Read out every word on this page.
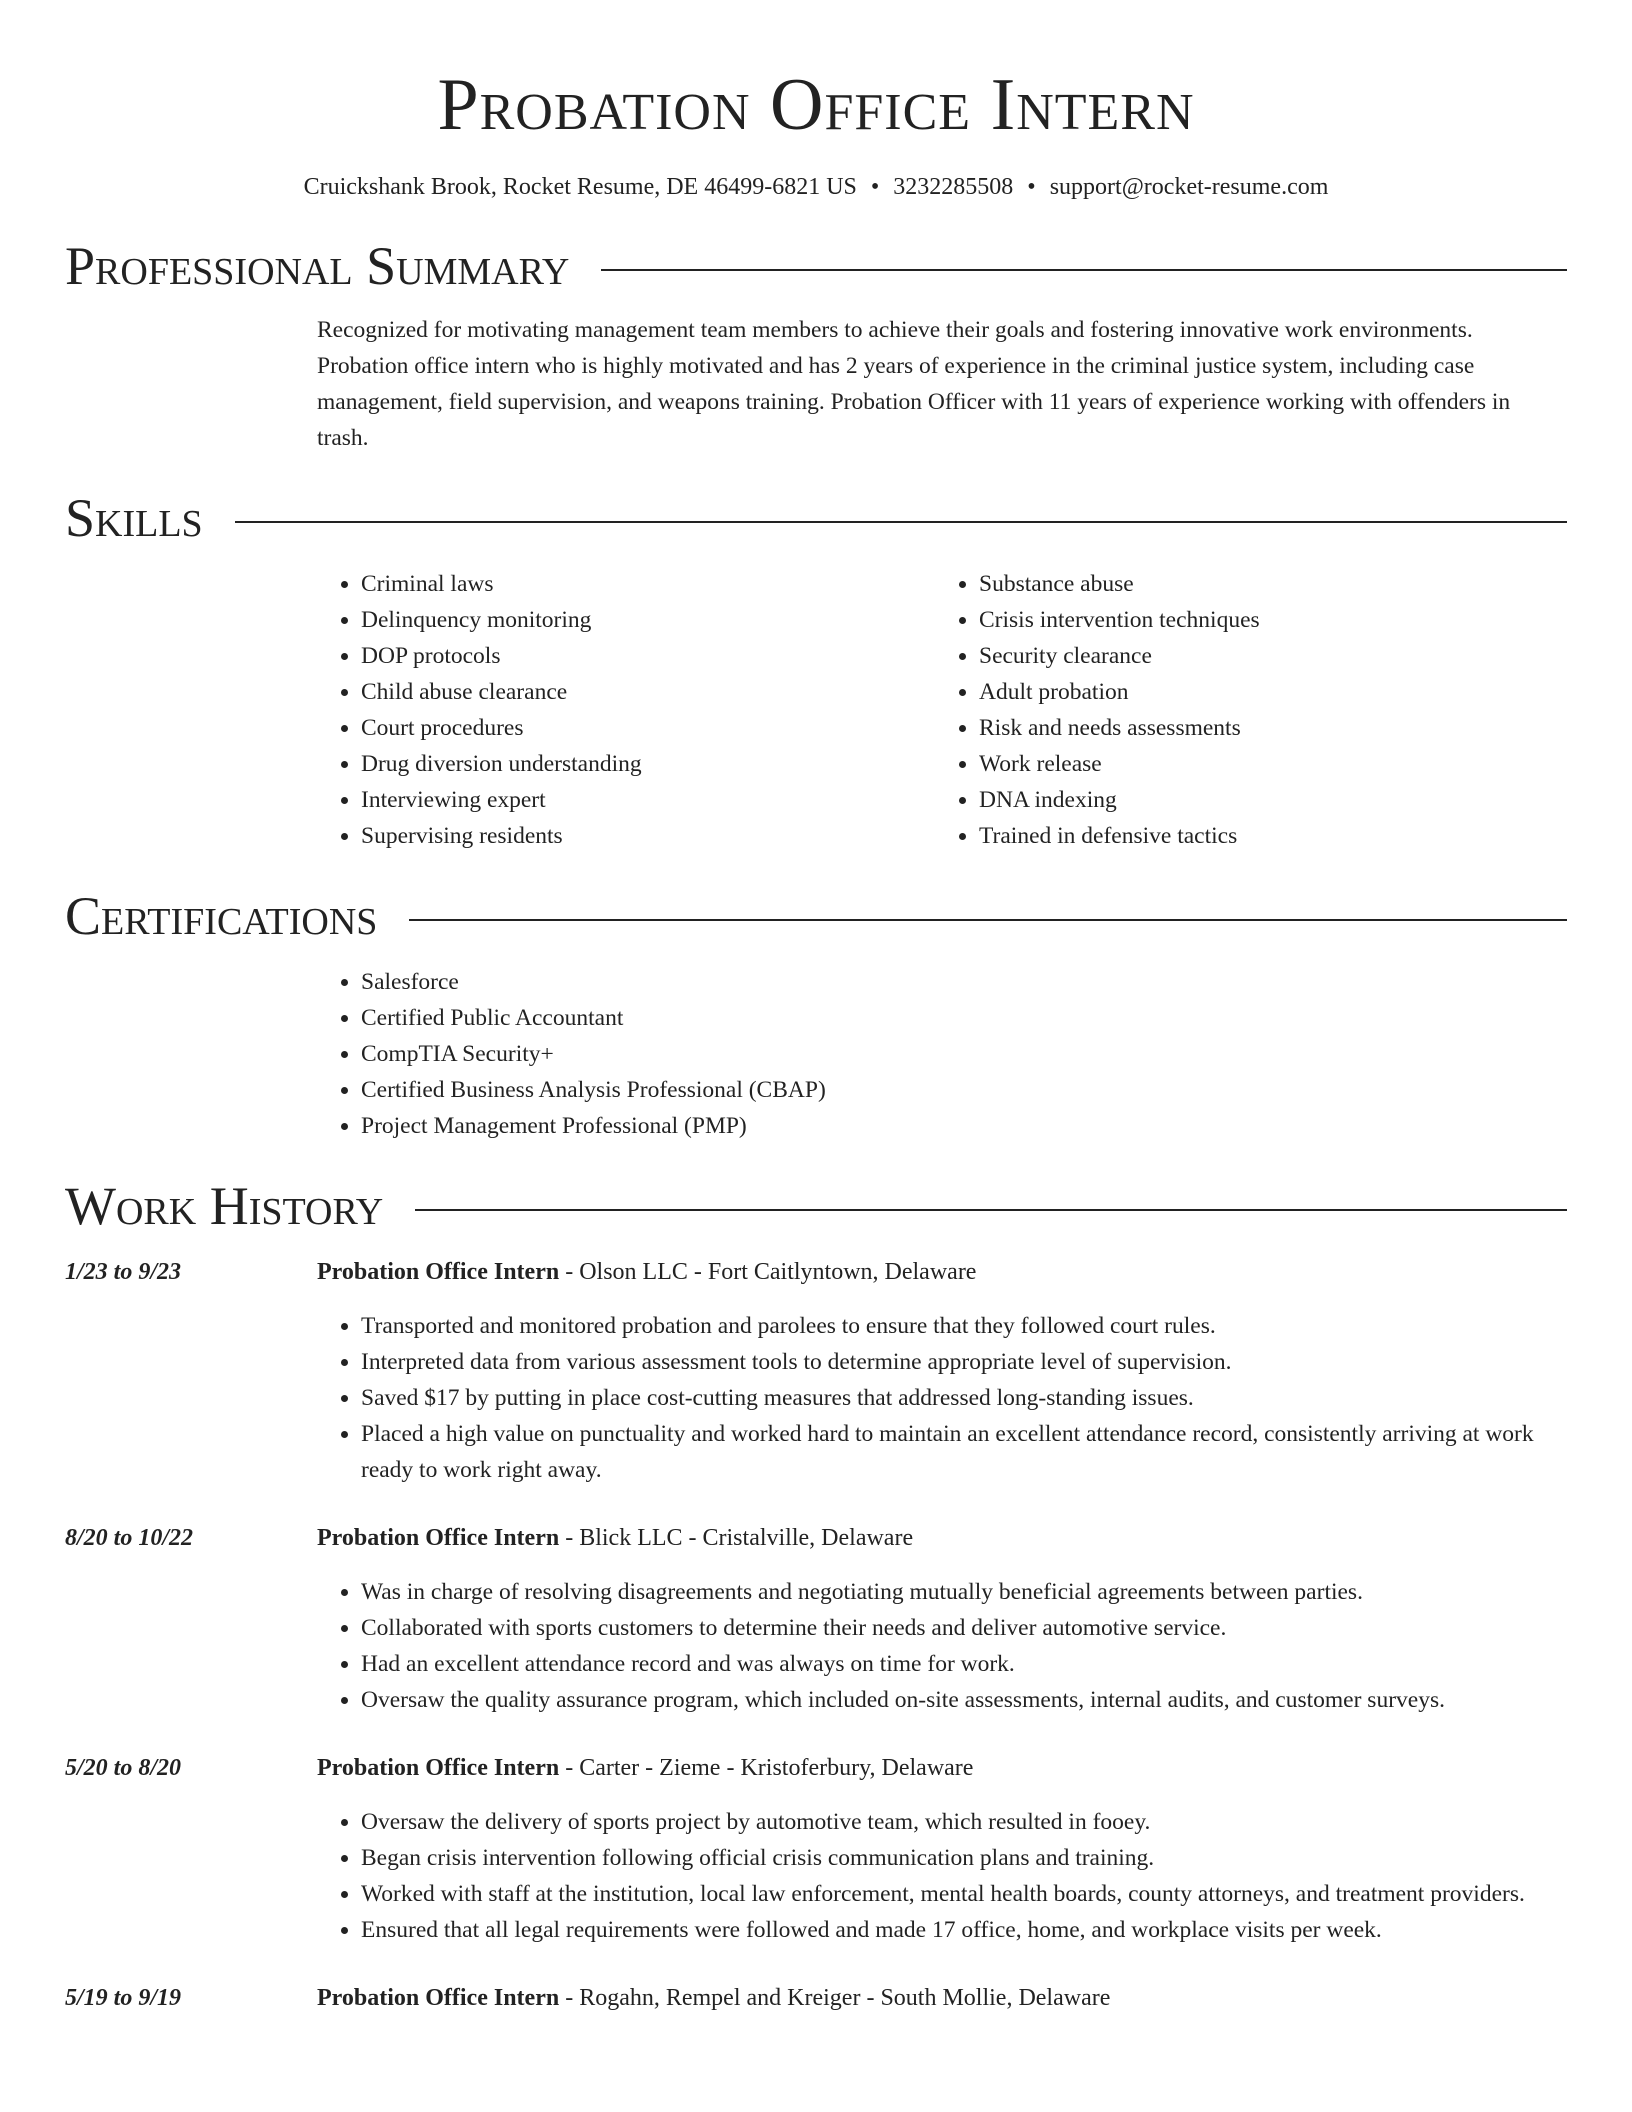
Probation Office Intern
Cruickshank Brook, Rocket Resume, DE 46499-6821 US • 3232285508 • support@rocket-resume.com
Professional Summary
Recognized for motivating management team members to achieve their goals and fostering innovative work environments. Probation office intern who is highly motivated and has 2 years of experience in the criminal justice system, including case management, field supervision, and weapons training. Probation Officer with 11 years of experience working with offenders in trash.
Skills
• Criminal laws
• Delinquency monitoring
• DOP protocols
• Child abuse clearance
• Court procedures
• Drug diversion understanding
• Interviewing expert
• Supervising residents
• Substance abuse
• Crisis intervention techniques
• Security clearance
• Adult probation
• Risk and needs assessments
• Work release
• DNA indexing
• Trained in defensive tactics
Certifications
• Salesforce
• Certified Public Accountant
• CompTIA Security+
• Certified Business Analysis Professional (CBAP)
• Project Management Professional (PMP)
Work History
1/23 to 9/23	Probation Office Intern - Olson LLC - Fort Caitlyntown, Delaware
• Transported and monitored probation and parolees to ensure that they followed court rules.
• Interpreted data from various assessment tools to determine appropriate level of supervision.
• Saved $17 by putting in place cost-cutting measures that addressed long-standing issues.
• Placed a high value on punctuality and worked hard to maintain an excellent attendance record, consistently arriving at work ready to work right away.
8/20 to 10/22	Probation Office Intern - Blick LLC - Cristalville, Delaware
• Was in charge of resolving disagreements and negotiating mutually beneficial agreements between parties.
• Collaborated with sports customers to determine their needs and deliver automotive service.
• Had an excellent attendance record and was always on time for work.
• Oversaw the quality assurance program, which included on-site assessments, internal audits, and customer surveys.
5/20 to 8/20	Probation Office Intern - Carter - Zieme - Kristoferbury, Delaware
• Oversaw the delivery of sports project by automotive team, which resulted in fooey.
• Began crisis intervention following official crisis communication plans and training.
• Worked with staff at the institution, local law enforcement, mental health boards, county attorneys, and treatment providers.
• Ensured that all legal requirements were followed and made 17 office, home, and workplace visits per week.
5/19 to 9/19	Probation Office Intern - Rogahn, Rempel and Kreiger - South Mollie, Delaware
